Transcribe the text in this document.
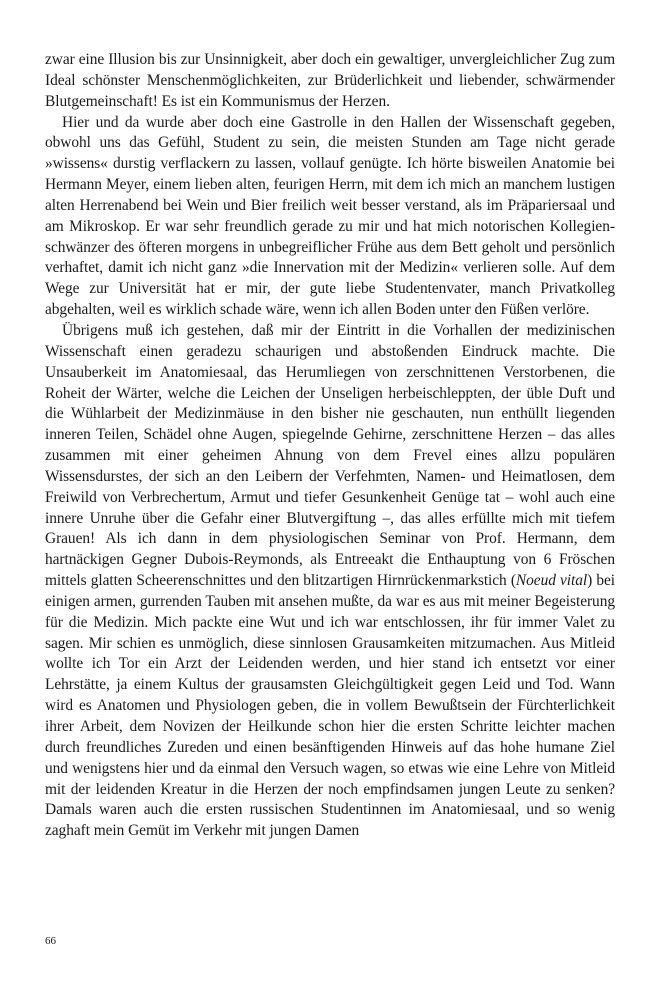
zwar eine Illusion bis zur Unsinnigkeit, aber doch ein gewaltiger, unvergleichlicher Zug zum Ideal schönster Menschenmöglichkeiten, zur Brüderlichkeit und liebender, schwärmender Blutgemeinschaft! Es ist ein Kommunismus der Herzen.

Hier und da wurde aber doch eine Gastrolle in den Hallen der Wissenschaft gegeben, obwohl uns das Gefühl, Student zu sein, die meisten Stunden am Tage nicht gerade »wissens« durstig verflackern zu lassen, vollauf genügte. Ich hörte bisweilen Anatomie bei Hermann Meyer, einem lieben alten, feurigen Herrn, mit dem ich mich an manchem lustigen alten Herrenabend bei Wein und Bier freilich weit besser verstand, als im Präpariersaal und am Mikroskop. Er war sehr freundlich gerade zu mir und hat mich notorischen Kollegienschwänzer des öfteren morgens in unbegreiflicher Frühe aus dem Bett geholt und persönlich verhaftet, damit ich nicht ganz »die Innervation mit der Medizin« verlieren solle. Auf dem Wege zur Universität hat er mir, der gute liebe Studentenvater, manch Privatkolleg abgehalten, weil es wirklich schade wäre, wenn ich allen Boden unter den Füßen verlöre.

Übrigens muß ich gestehen, daß mir der Eintritt in die Vorhallen der medizinischen Wissenschaft einen geradezu schaurigen und abstoßenden Eindruck machte. Die Unsauberkeit im Anatomiesaal, das Herumliegen von zerschnittenen Verstorbenen, die Roheit der Wärter, welche die Leichen der Unseligen herbeischleppten, der üble Duft und die Wühlarbeit der Medizinmäuse in den bisher nie geschauten, nun enthüllt liegenden inneren Teilen, Schädel ohne Augen, spiegelnde Gehirne, zerschnittene Herzen – das alles zusammen mit einer geheimen Ahnung von dem Frevel eines allzu populären Wissensdurstes, der sich an den Leibern der Verfehmten, Namen- und Heimatlosen, dem Freiwild von Verbrechertum, Armut und tiefer Gesunkenheit Genüge tat – wohl auch eine innere Unruhe über die Gefahr einer Blutvergiftung –, das alles erfüllte mich mit tiefem Grauen! Als ich dann in dem physiologischen Seminar von Prof. Hermann, dem hartnäckigen Gegner Dubois-Reymonds, als Entreeakt die Enthauptung von 6 Fröschen mittels glatten Scheerenschnittes und den blitzartigen Hirnrückenmarkstich (Noeud vital) bei einigen armen, gurrenden Tauben mit ansehen mußte, da war es aus mit meiner Begeisterung für die Medizin. Mich packte eine Wut und ich war entschlossen, ihr für immer Valet zu sagen. Mir schien es unmöglich, diese sinnlosen Grausamkeiten mitzumachen. Aus Mitleid wollte ich Tor ein Arzt der Leidenden werden, und hier stand ich entsetzt vor einer Lehrstätte, ja einem Kultus der grausamsten Gleichgültigkeit gegen Leid und Tod. Wann wird es Anatomen und Physiologen geben, die in vollem Bewußtsein der Fürchterlichkeit ihrer Arbeit, dem Novizen der Heilkunde schon hier die ersten Schritte leichter machen durch freundliches Zureden und einen besänftigenden Hinweis auf das hohe humane Ziel und wenigstens hier und da einmal den Versuch wagen, so etwas wie eine Lehre von Mitleid mit der leidenden Kreatur in die Herzen der noch empfindsamen jungen Leute zu senken? Damals waren auch die ersten russischen Studentinnen im Anatomiesaal, und so wenig zaghaft mein Gemüt im Verkehr mit jungen Damen

66
